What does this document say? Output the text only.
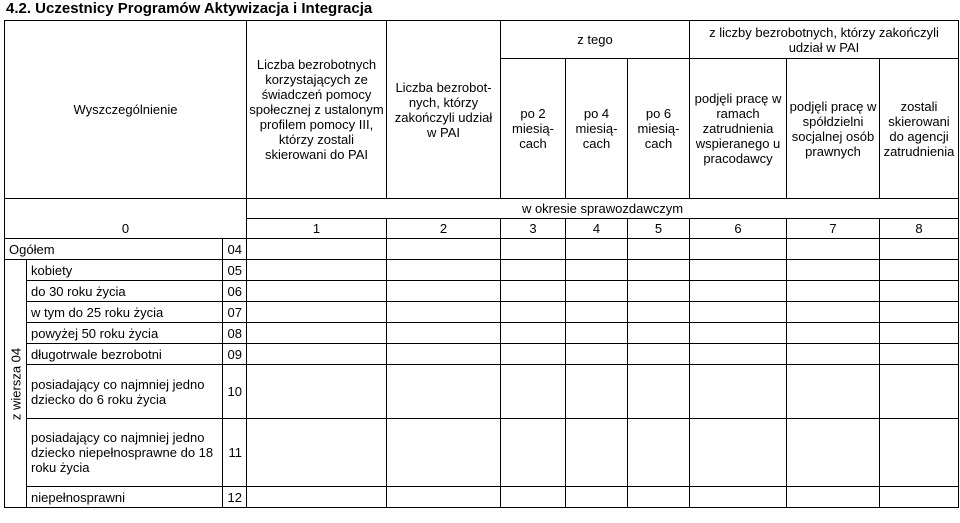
4.2. Uczestnicy Programów Aktywizacja i Integracja
Wyszczególnienie			Liczba bezrobotnych korzystających ze świadczeń pomocy społecznej z ustalonym profilem pomocy III, którzy zostali skierowani do PAI	Liczba bezrobot-nych, którzy zakończyli udział w PAI	z tego			z liczby bezrobotnych, którzy zakończyli udział w PAI		
					po 2 miesią-cach	po 4 miesią-cach	po 6 miesią-cach	podjęli pracę w ramach zatrudnienia wspieranego u pracodawcy	podjęli pracę w spółdzielni socjalnej osób prawnych	zostali skierowani do agencji zatrudnienia
			w okresie sprawozdawczym							
0			1	2	3	4	5	6	7	8
Ogółem		04								

z wiersza 04	kobiety	05								
	do 30 roku życia	06								
	w tym do 25 roku życia	07								
	powyżej 50 roku życia	08								
	długotrwale bezrobotni	09								
	posiadający co najmniej jedno dziecko do 6 roku życia	10								
	posiadający co najmniej jedno dziecko niepełnosprawne do 18 roku życia	11								
	niepełnosprawni	12								
